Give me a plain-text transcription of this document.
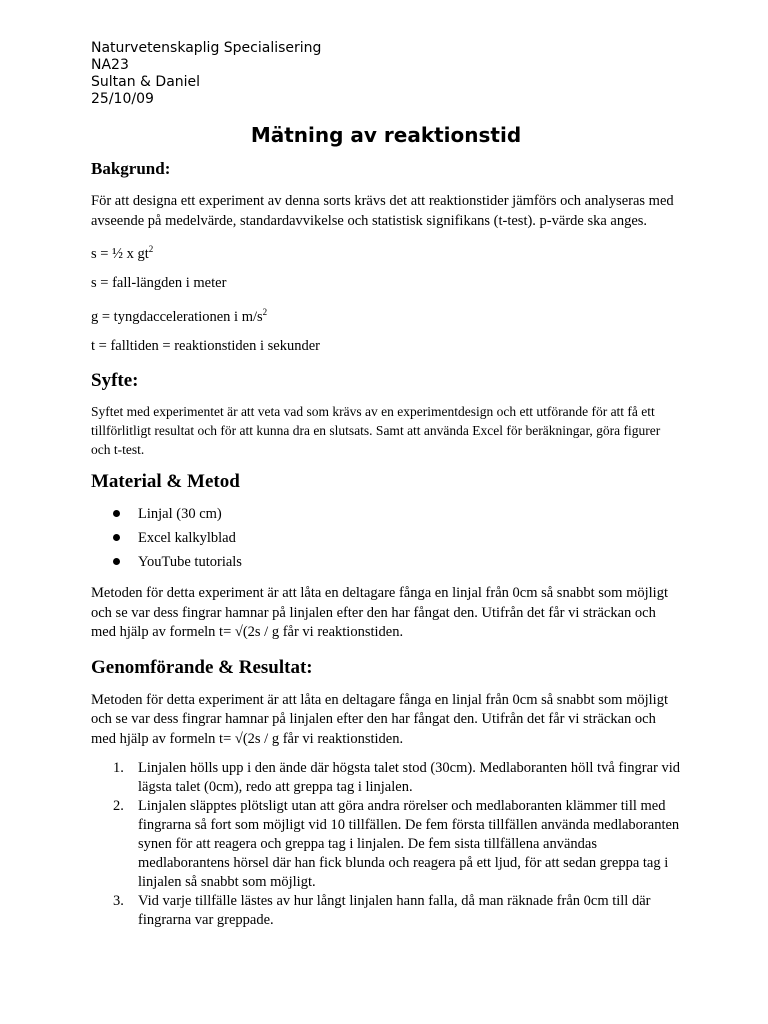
Naturvetenskaplig Specialisering
NA23
Sultan & Daniel
25/10/09
Mätning av reaktionstid
Bakgrund:
För att designa ett experiment av denna sorts krävs det att reaktionstider jämförs och analyseras med avseende på medelvärde, standardavvikelse och statistisk signifikans (t-test). p-värde ska anges.
s = ½ x $gt^2$
s = fall-längden i meter
g = tyngdaccelerationen i $m/s^2$
t = falltiden = reaktionstiden i sekunder
Syfte:
Syftet med experimentet är att veta vad som krävs av en experimentdesign och ett utförande för att få ett tillförlitligt resultat och för att kunna dra en slutsats. Samt att använda Excel för beräkningar, göra figurer och t-test.
Material & Metod
Linjal (30 cm)
Excel kalkylblad
YouTube tutorials
Metoden för detta experiment är att låta en deltagare fånga en linjal från 0cm så snabbt som möjligt och se var dess fingrar hamnar på linjalen efter den har fångat den. Utifrån det får vi sträckan och med hjälp av formeln t= √(2s / g får vi reaktionstiden.
Genomförande & Resultat:
Metoden för detta experiment är att låta en deltagare fånga en linjal från 0cm så snabbt som möjligt och se var dess fingrar hamnar på linjalen efter den har fångat den. Utifrån det får vi sträckan och med hjälp av formeln t= √(2s / g får vi reaktionstiden.
1. Linjalen hölls upp i den ände där högsta talet stod (30cm). Medlaboranten höll två fingrar vid lägsta talet (0cm), redo att greppa tag i linjalen.
2. Linjalen släpptes plötsligt utan att göra andra rörelser och medlaboranten klämmer till med fingrarna så fort som möjligt vid 10 tillfällen. De fem första tillfällen använda medlaboranten synen för att reagera och greppa tag i linjalen. De fem sista tillfällena användas medlaborantens hörsel där han fick blunda och reagera på ett ljud, för att sedan greppa tag i linjalen så snabbt som möjligt.
3. Vid varje tillfälle lästes av hur långt linjalen hann falla, då man räknade från 0cm till där fingrarna var greppade.
